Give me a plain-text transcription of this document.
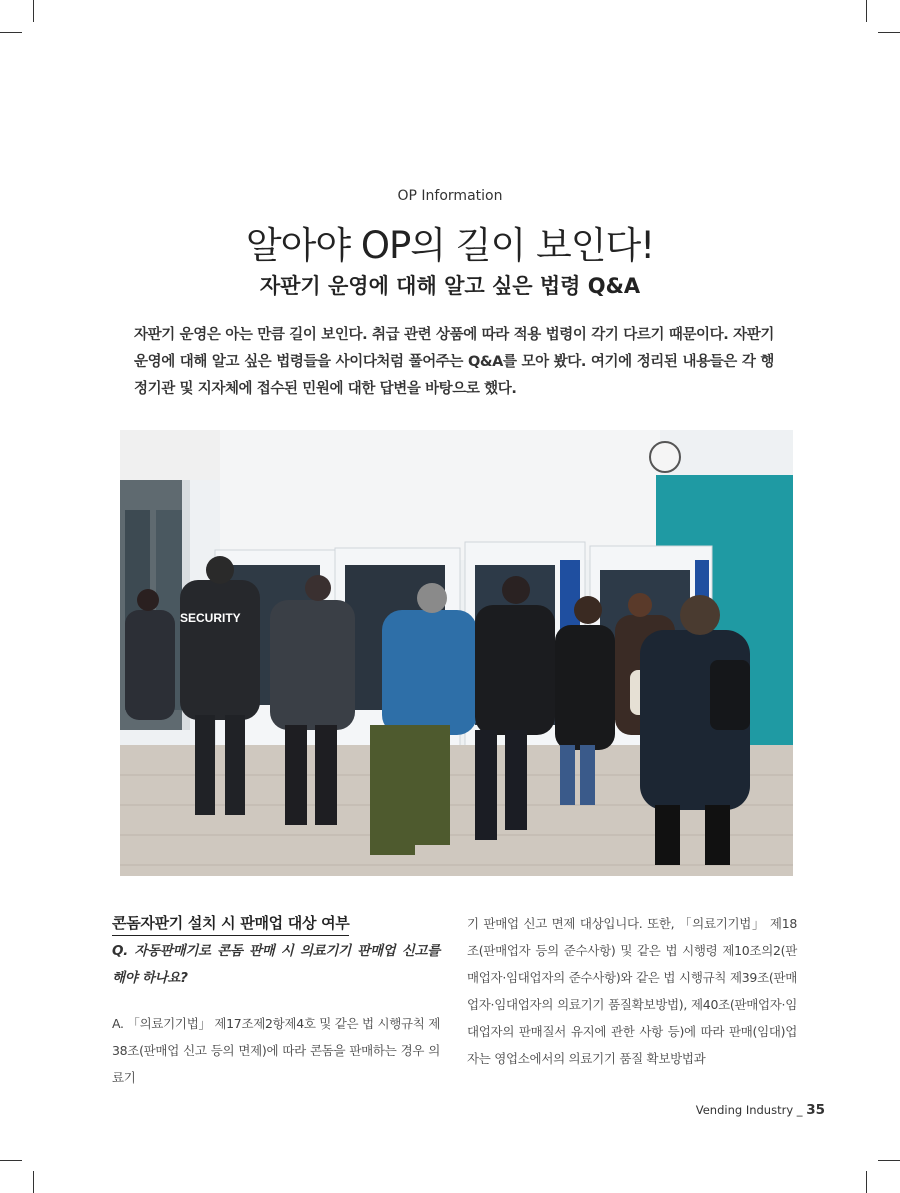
OP Information
알아야 OP의 길이 보인다!
자판기 운영에 대해 알고 싶은 법령 Q&A
자판기 운영은 아는 만큼 길이 보인다. 취급 관련 상품에 따라 적용 법령이 각기 다르기 때문이다. 자판기 운영에 대해 알고 싶은 법령들을 사이다처럼 풀어주는 Q&A를 모아 봤다. 여기에 정리된 내용들은 각 행정기관 및 지자체에 접수된 민원에 대한 답변을 바탕으로 했다.
SECURITY
콘돔자판기 설치 시 판매업 대상 여부
Q. 자동판매기로 콘돔 판매 시 의료기기 판매업 신고를 해야 하나요?
A. 「의료기기법」 제17조제2항제4호 및 같은 법 시행규칙 제38조(판매업 신고 등의 면제)에 따라 콘돔을 판매하는 경우 의료기
기 판매업 신고 면제 대상입니다. 또한, 「의료기기법」 제18조(판매업자 등의 준수사항) 및 같은 법 시행령 제10조의2(판매업자·임대업자의 준수사항)와 같은 법 시행규칙 제39조(판매업자·임대업자의 의료기기 품질확보방법), 제40조(판매업자·임대업자의 판매질서 유지에 관한 사항 등)에 따라 판매(임대)업자는 영업소에서의 의료기기 품질 확보방법과
Vending Industry _ 35
